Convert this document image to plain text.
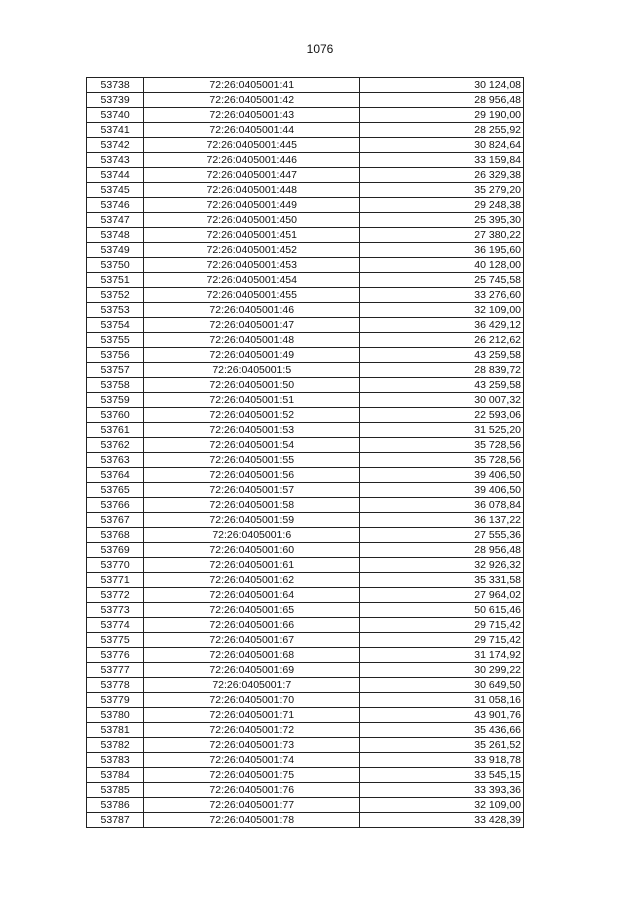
1076
53738	72:26:0405001:41	30 124,08
53739	72:26:0405001:42	28 956,48
53740	72:26:0405001:43	29 190,00
53741	72:26:0405001:44	28 255,92
53742	72:26:0405001:445	30 824,64
53743	72:26:0405001:446	33 159,84
53744	72:26:0405001:447	26 329,38
53745	72:26:0405001:448	35 279,20
53746	72:26:0405001:449	29 248,38
53747	72:26:0405001:450	25 395,30
53748	72:26:0405001:451	27 380,22
53749	72:26:0405001:452	36 195,60
53750	72:26:0405001:453	40 128,00
53751	72:26:0405001:454	25 745,58
53752	72:26:0405001:455	33 276,60
53753	72:26:0405001:46	32 109,00
53754	72:26:0405001:47	36 429,12
53755	72:26:0405001:48	26 212,62
53756	72:26:0405001:49	43 259,58
53757	72:26:0405001:5	28 839,72
53758	72:26:0405001:50	43 259,58
53759	72:26:0405001:51	30 007,32
53760	72:26:0405001:52	22 593,06
53761	72:26:0405001:53	31 525,20
53762	72:26:0405001:54	35 728,56
53763	72:26:0405001:55	35 728,56
53764	72:26:0405001:56	39 406,50
53765	72:26:0405001:57	39 406,50
53766	72:26:0405001:58	36 078,84
53767	72:26:0405001:59	36 137,22
53768	72:26:0405001:6	27 555,36
53769	72:26:0405001:60	28 956,48
53770	72:26:0405001:61	32 926,32
53771	72:26:0405001:62	35 331,58
53772	72:26:0405001:64	27 964,02
53773	72:26:0405001:65	50 615,46
53774	72:26:0405001:66	29 715,42
53775	72:26:0405001:67	29 715,42
53776	72:26:0405001:68	31 174,92
53777	72:26:0405001:69	30 299,22
53778	72:26:0405001:7	30 649,50
53779	72:26:0405001:70	31 058,16
53780	72:26:0405001:71	43 901,76
53781	72:26:0405001:72	35 436,66
53782	72:26:0405001:73	35 261,52
53783	72:26:0405001:74	33 918,78
53784	72:26:0405001:75	33 545,15
53785	72:26:0405001:76	33 393,36
53786	72:26:0405001:77	32 109,00
53787	72:26:0405001:78	33 428,39
